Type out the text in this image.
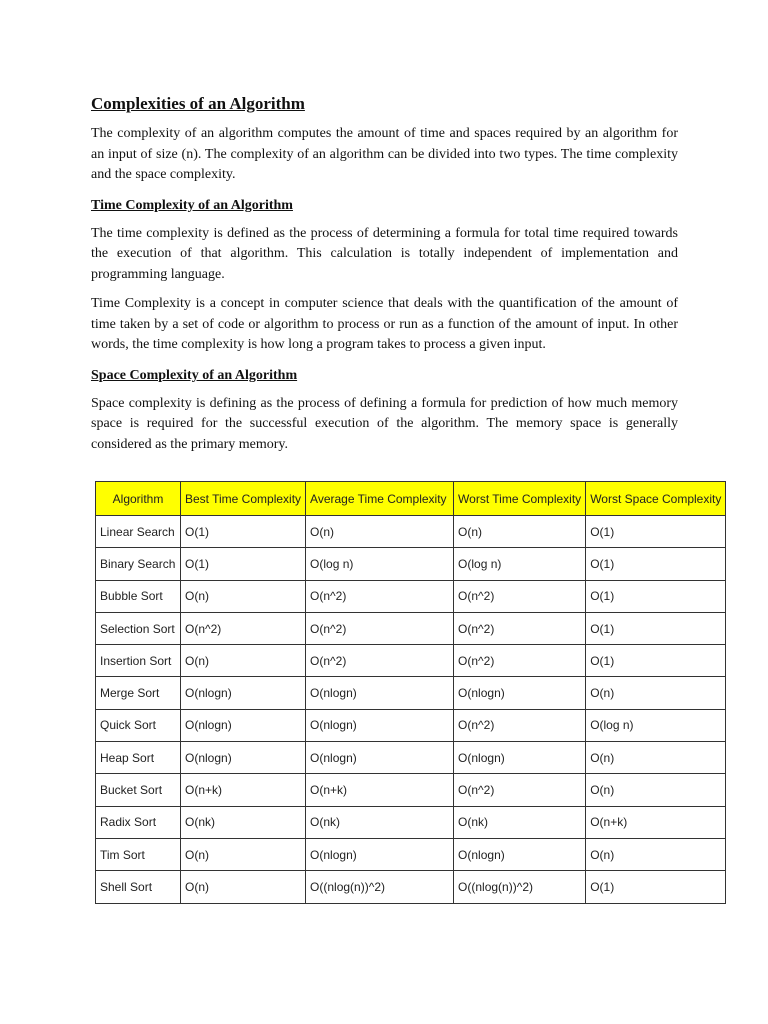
Complexities of an Algorithm

The complexity of an algorithm computes the amount of time and spaces required by an algorithm for an input of size (n). The complexity of an algorithm can be divided into two types. The time complexity and the space complexity.

Time Complexity of an Algorithm

The time complexity is defined as the process of determining a formula for total time required towards the execution of that algorithm. This calculation is totally independent of implementation and programming language.

Time Complexity is a concept in computer science that deals with the quantification of the amount of time taken by a set of code or algorithm to process or run as a function of the amount of input. In other words, the time complexity is how long a program takes to process a given input.

Space Complexity of an Algorithm

Space complexity is defining as the process of defining a formula for prediction of how much memory space is required for the successful execution of the algorithm. The memory space is generally considered as the primary memory.

Algorithm	Best Time Complexity	Average Time Complexity	Worst Time Complexity	Worst Space Complexity
Linear Search	O(1)	O(n)	O(n)	O(1)
Binary Search	O(1)	O(log n)	O(log n)	O(1)
Bubble Sort	O(n)	O(n^2)	O(n^2)	O(1)
Selection Sort	O(n^2)	O(n^2)	O(n^2)	O(1)
Insertion Sort	O(n)	O(n^2)	O(n^2)	O(1)
Merge Sort	O(nlogn)	O(nlogn)	O(nlogn)	O(n)
Quick Sort	O(nlogn)	O(nlogn)	O(n^2)	O(log n)
Heap Sort	O(nlogn)	O(nlogn)	O(nlogn)	O(n)
Bucket Sort	O(n+k)	O(n+k)	O(n^2)	O(n)
Radix Sort	O(nk)	O(nk)	O(nk)	O(n+k)
Tim Sort	O(n)	O(nlogn)	O(nlogn)	O(n)
Shell Sort	O(n)	O((nlog(n))^2)	O((nlog(n))^2)	O(1)
